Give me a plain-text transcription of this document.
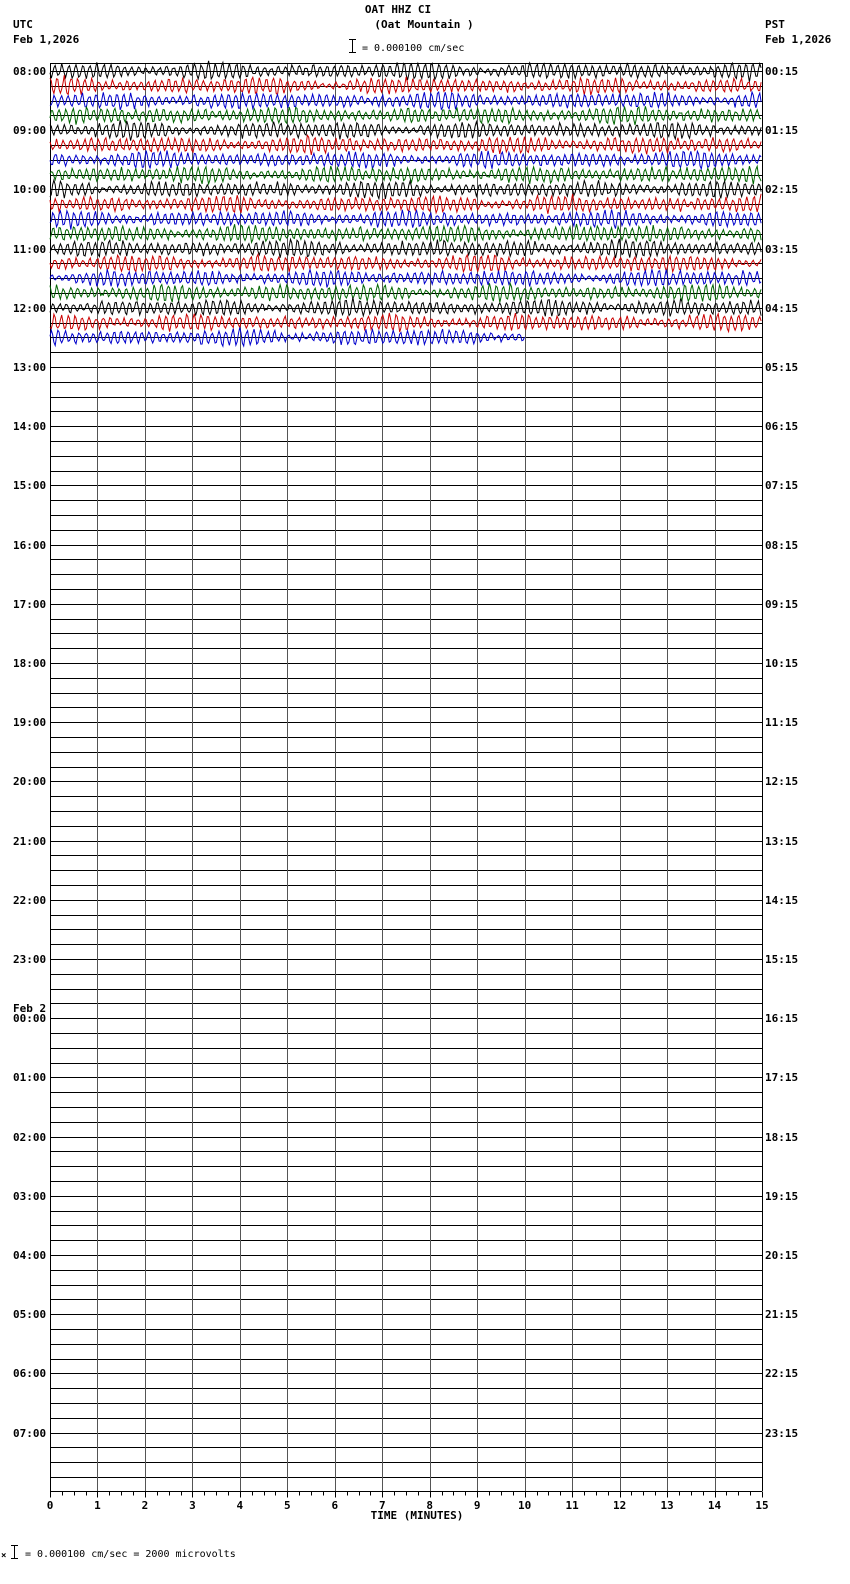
OAT HHZ CI
(Oat Mountain )
UTC
Feb 1,2026
PST
Feb 1,2026
= 0.000100 cm/sec
08:00
09:00
10:00
11:00
12:00
13:00
14:00
15:00
16:00
17:00
18:00
19:00
20:00
21:00
22:00
23:00
00:00
01:00
02:00
03:00
04:00
05:00
06:00
07:00
00:15
01:15
02:15
03:15
04:15
05:15
06:15
07:15
08:15
09:15
10:15
11:15
12:15
13:15
14:15
15:15
16:15
17:15
18:15
19:15
20:15
21:15
22:15
23:15
Feb 2
0	1	2	3	4	5	6	7	8	9	10	11	12	13	14	15
TIME (MINUTES)
× = 0.000100 cm/sec = 2000 microvolts
